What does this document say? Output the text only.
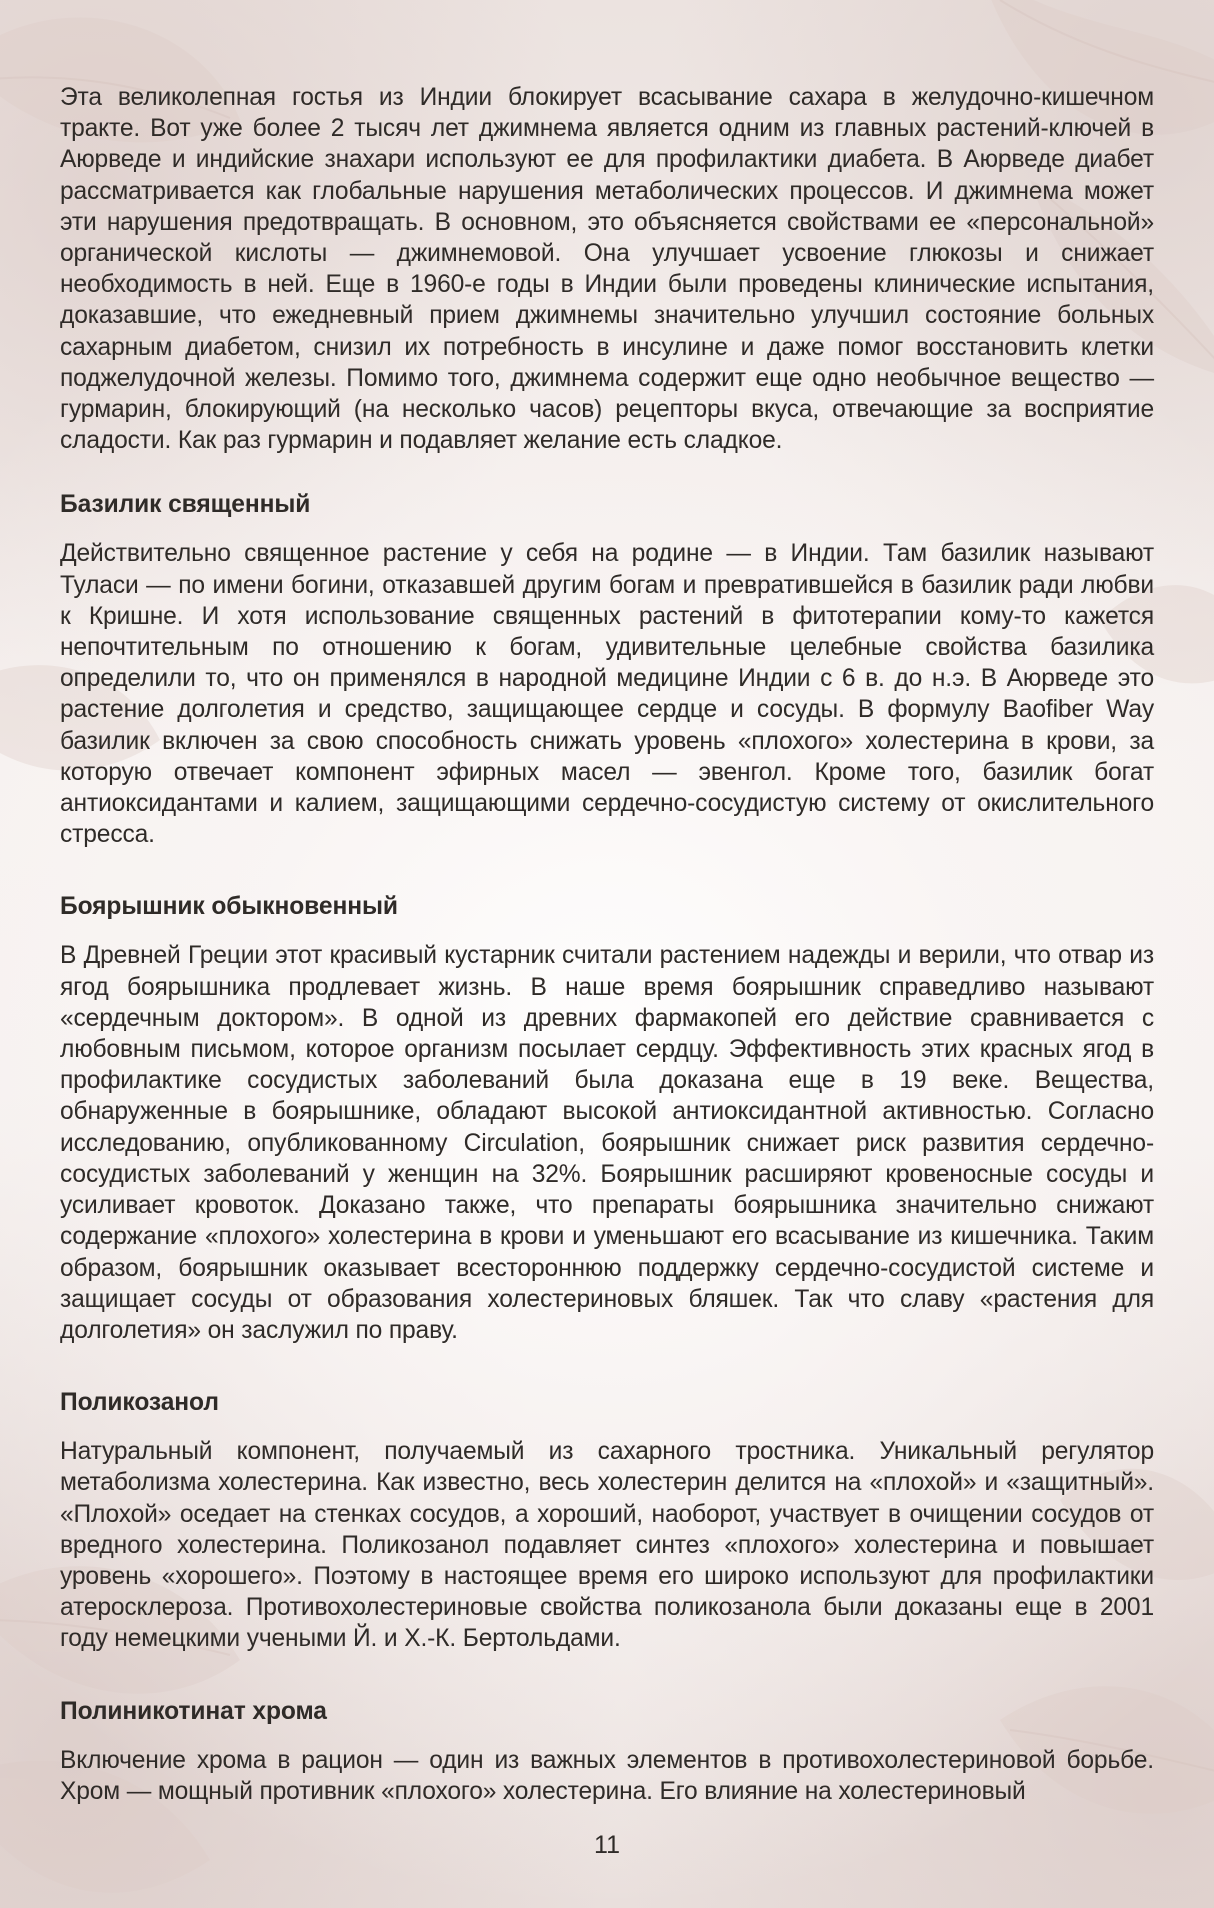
Эта великолепная гостья из Индии блокирует всасывание сахара в желудочно-кишечном тракте. Вот уже более 2 тысяч лет джимнема является одним из главных растений-ключей в Аюрведе и индийские знахари используют ее для профилактики диабета. В Аюрведе диабет рассматривается как глобальные нарушения метаболических процессов. И джимнема может эти нарушения предотвращать. В основном, это объясняется свойствами ее «персональной» органической кислоты — джимнемовой. Она улучшает усвоение глюкозы и снижает необходимость в ней. Еще в 1960-е годы в Индии были проведены клинические испытания, доказавшие, что ежедневный прием джимнемы значительно улучшил состояние больных сахарным диабетом, снизил их потребность в инсулине и даже помог восстановить клетки поджелудочной железы. Помимо того, джимнема содержит еще одно необычное вещество — гурмарин, блокирующий (на несколько часов) рецепторы вкуса, отвечающие за восприятие сладости. Как раз гурмарин и подавляет желание есть сладкое.

Базилик священный

Действительно священное растение у себя на родине — в Индии. Там базилик называют Туласи — по имени богини, отказавшей другим богам и превратившейся в базилик ради любви к Кришне. И хотя использование священных растений в фитотерапии кому-то кажется непочтительным по отношению к богам, удивительные целебные свойства базилика определили то, что он применялся в народной медицине Индии с 6 в. до н.э. В Аюрведе это растение долголетия и средство, защищающее сердце и сосуды. В формулу Baofiber Way базилик включен за свою способность снижать уровень «плохого» холестерина в крови, за которую отвечает компонент эфирных масел — эвенгол. Кроме того, базилик богат антиоксидантами и калием, защищающими сердечно-сосудистую систему от окислительного стресса.

Боярышник обыкновенный

В Древней Греции этот красивый кустарник считали растением надежды и верили, что отвар из ягод боярышника продлевает жизнь. В наше время боярышник справедливо называют «сердечным доктором». В одной из древних фармакопей его действие сравнивается с любовным письмом, которое организм посылает сердцу. Эффективность этих красных ягод в профилактике сосудистых заболеваний была доказана еще в 19 веке. Вещества, обнаруженные в боярышнике, обладают высокой антиоксидантной активностью. Согласно исследованию, опубликованному Circulation, боярышник снижает риск развития сердечно-сосудистых заболеваний у женщин на 32%. Боярышник расширяют кровеносные сосуды и усиливает кровоток. Доказано также, что препараты боярышника значительно снижают содержание «плохого» холестерина в крови и уменьшают его всасывание из кишечника. Таким образом, боярышник оказывает всестороннюю поддержку сердечно-сосудистой системе и защищает сосуды от образования холестериновых бляшек. Так что славу «растения для долголетия» он заслужил по праву.

Поликозанол

Натуральный компонент, получаемый из сахарного тростника. Уникальный регулятор метаболизма холестерина. Как известно, весь холестерин делится на «плохой» и «защитный». «Плохой» оседает на стенках сосудов, а хороший, наоборот, участвует в очищении сосудов от вредного холестерина. Поликозанол подавляет синтез «плохого» холестерина и повышает уровень «хорошего». Поэтому в настоящее время его широко используют для профилактики атеросклероза. Противохолестериновые свойства поликозанола были доказаны еще в 2001 году немецкими учеными Й. и Х.-К. Бертольдами.

Полиникотинат хрома

Включение хрома в рацион — один из важных элементов в противохолестериновой борьбе. Хром — мощный противник «плохого» холестерина. Его влияние на холестериновый

11
